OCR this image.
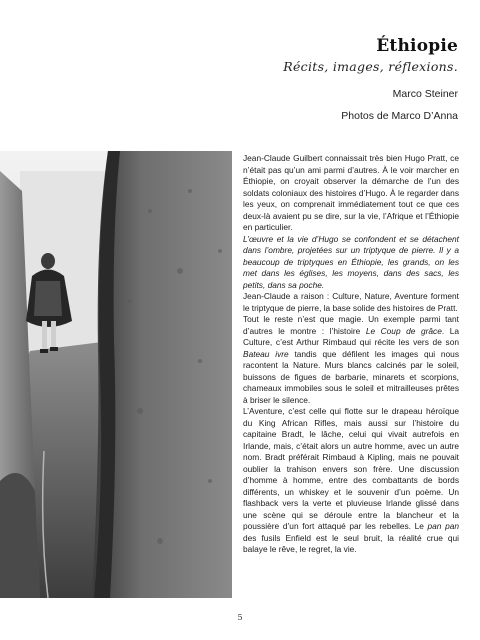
Éthiopie
Récits, images, réflexions.
Marco Steiner
Photos de Marco D’Anna

Jean-Claude Guilbert connaissait très bien Hugo Pratt, ce n’était pas qu’un ami parmi d’autres. À le voir marcher en Éthiopie, on croyait observer la démarche de l’un des soldats coloniaux des histoires d’Hugo. À le regarder dans les yeux, on comprenait immédiatement tout ce que ces deux-là avaient pu se dire, sur la vie, l’Afrique et l’Éthiopie en particulier.

L’œuvre et la vie d’Hugo se confondent et se détachent dans l’ombre, projetées sur un triptyque de pierre. Il y a beaucoup de triptyques en Éthiopie, les grands, on les met dans les églises, les moyens, dans des sacs, les petits, dans sa poche.

Jean-Claude a raison : Culture, Nature, Aventure forment le triptyque de pierre, la base solide des histoires de Pratt.

Tout le reste n’est que magie. Un exemple parmi tant d’autres le montre : l’histoire Le Coup de grâce. La Culture, c’est Arthur Rimbaud qui récite les vers de son Bateau ivre tandis que défilent les images qui nous racontent la Nature. Murs blancs calcinés par le soleil, buissons de figues de barbarie, minarets et scorpions, chameaux immobiles sous le soleil et mitrailleuses prêtes à briser le silence.

L’Aventure, c’est celle qui flotte sur le drapeau héroïque du King African Rifles, mais aussi sur l’histoire du capitaine Bradt, le lâche, celui qui vivait autrefois en Irlande, mais, c’était alors un autre homme, avec un autre nom. Bradt préférait Rimbaud à Kipling, mais ne pouvait oublier la trahison envers son frère. Une discussion d’homme à homme, entre des combattants de bords différents, un whiskey et le souvenir d’un poème. Un flashback vers la verte et pluvieuse Irlande glissé dans une scène qui se déroule entre la blancheur et la poussière d’un fort attaqué par les rebelles. Le pan pan des fusils Enfield est le seul bruit, la réalité crue qui balaye le rêve, le regret, la vie.

5
